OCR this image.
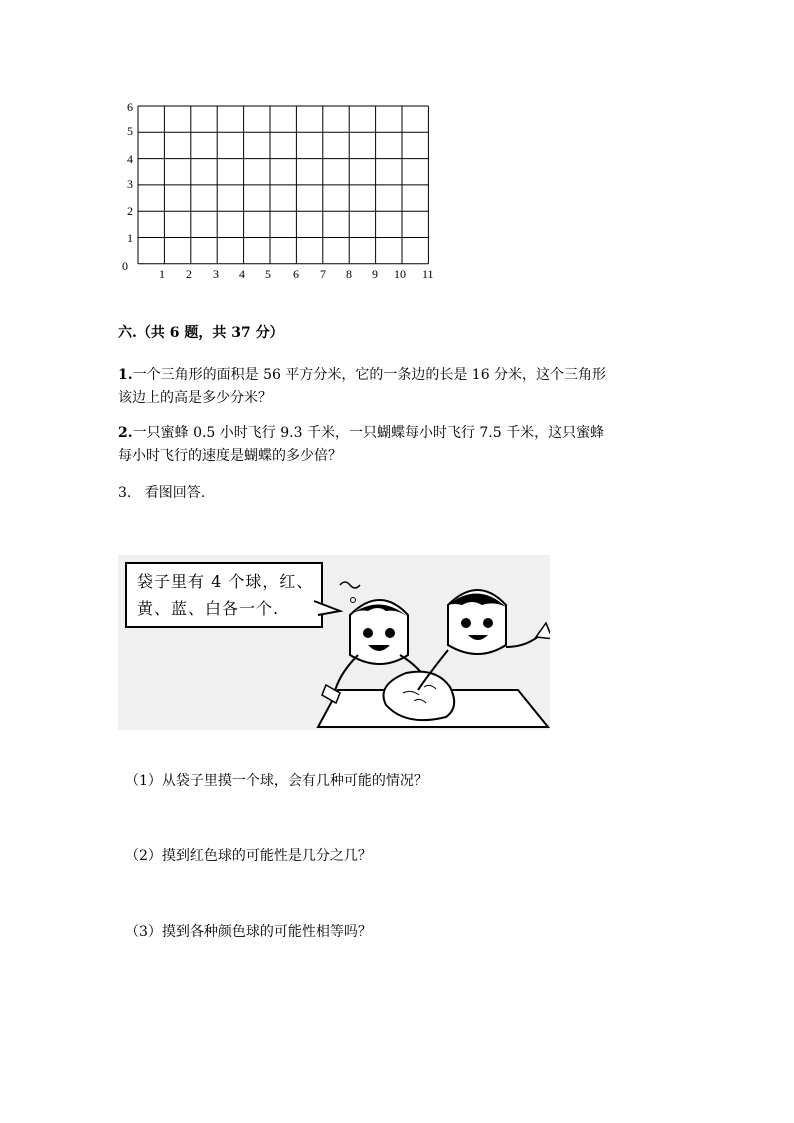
0
1
2
3
4
5
6
1 2 3 4 5 6 7 8 9 10 11
六.（共 6 题，共 37 分）
1.一个三角形的面积是 56 平方分米，它的一条边的长是 16 分米，这个三角形
该边上的高是多少分米？
2.一只蜜蜂 0.5 小时飞行 9.3 千米，一只蝴蝶每小时飞行 7.5 千米，这只蜜蜂
每小时飞行的速度是蝴蝶的多少倍？
3. 看图回答.
袋子里有 4 个球，红、
黄、蓝、白各一个.
（1）从袋子里摸一个球，会有几种可能的情况？
（2）摸到红色球的可能性是几分之几？
（3）摸到各种颜色球的可能性相等吗？
